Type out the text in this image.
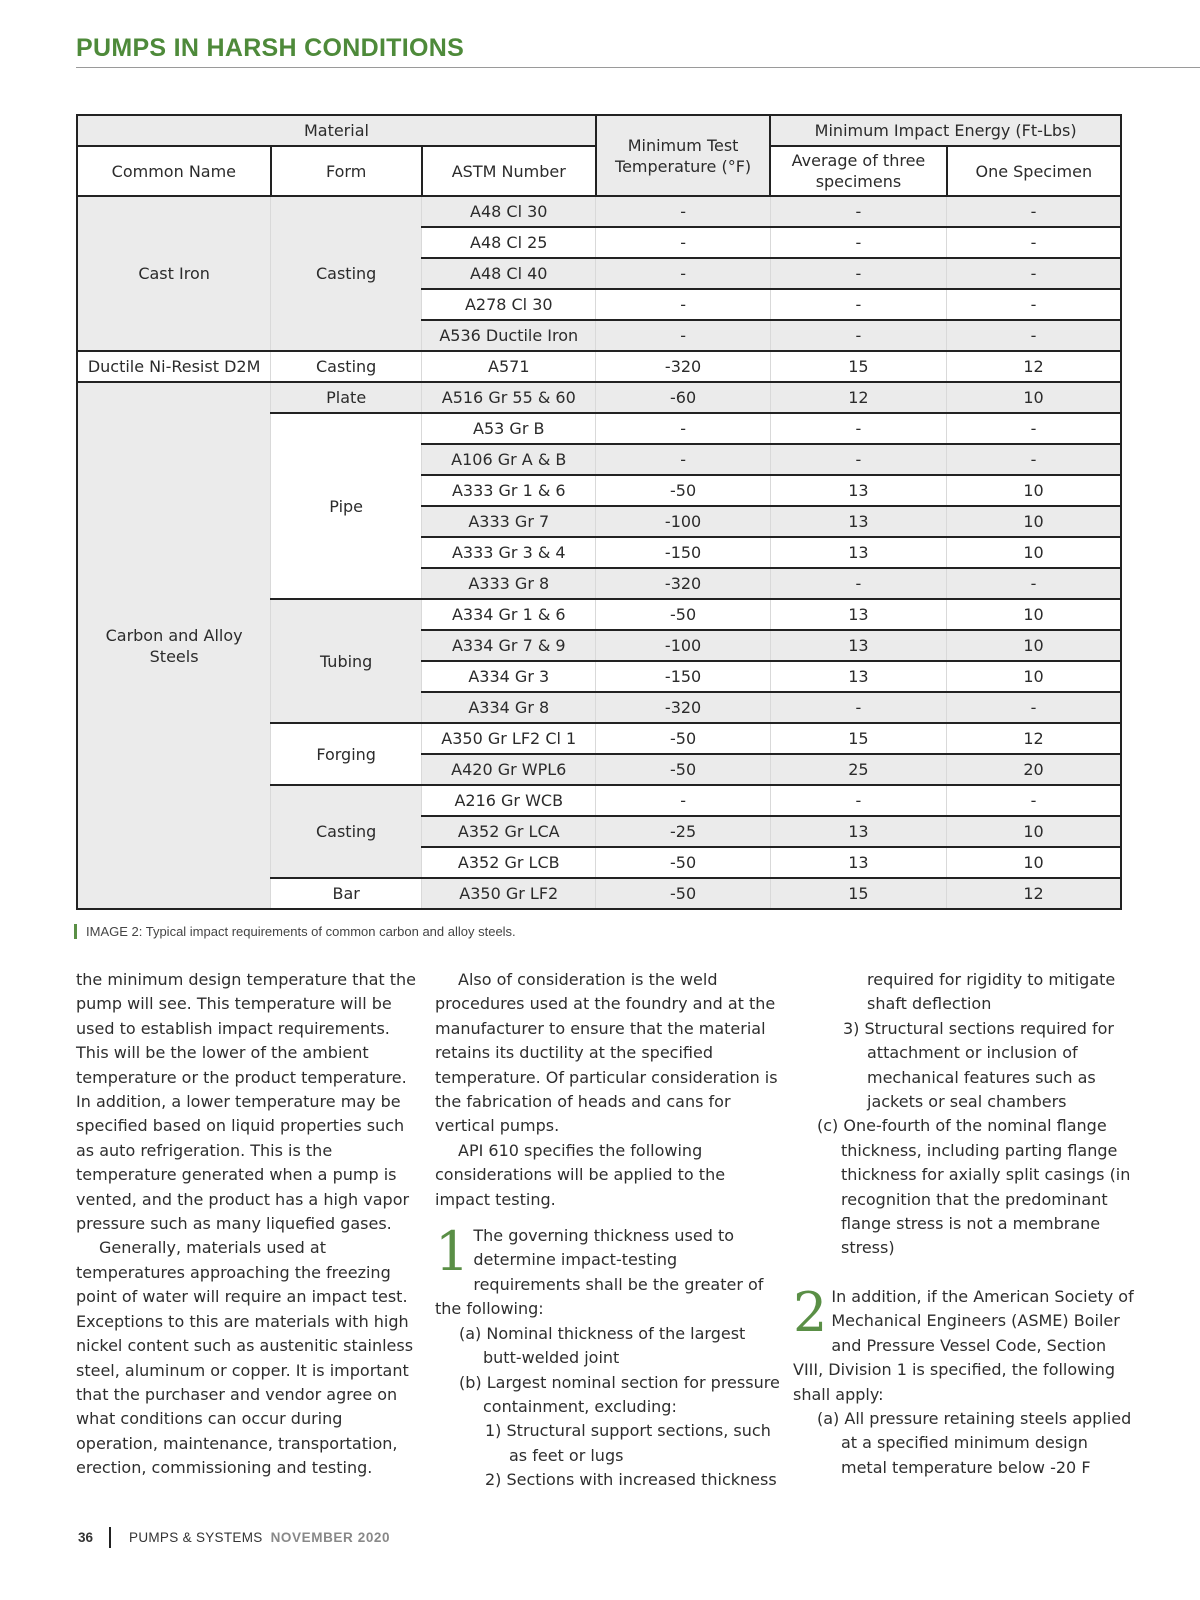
PUMPS IN HARSH CONDITIONS
Material			Minimum Test Temperature (°F)	Minimum Impact Energy (Ft-Lbs)	
Common Name	Form	ASTM Number		Average of three specimens	One Specimen
Cast Iron	Casting	A48 Cl 30	-	-	-
		A48 Cl 25	-	-	-
		A48 Cl 40	-	-	-
		A278 Cl 30	-	-	-
		A536 Ductile Iron	-	-	-
Ductile Ni-Resist D2M	Casting	A571	-320	15	12
Carbon and Alloy Steels	Plate	A516 Gr 55 & 60	-60	12	10
	Pipe	A53 Gr B	-	-	-
		A106 Gr A & B	-	-	-
		A333 Gr 1 & 6	-50	13	10
		A333 Gr 7	-100	13	10
		A333 Gr 3 & 4	-150	13	10
		A333 Gr 8	-320	-	-
	Tubing	A334 Gr 1 & 6	-50	13	10
		A334 Gr 7 & 9	-100	13	10
		A334 Gr 3	-150	13	10
		A334 Gr 8	-320	-	-
	Forging	A350 Gr LF2 Cl 1	-50	15	12
		A420 Gr WPL6	-50	25	20
	Casting	A216 Gr WCB	-	-	-
		A352 Gr LCA	-25	13	10
		A352 Gr LCB	-50	13	10
	Bar	A350 Gr LF2	-50	15	12
IMAGE 2: Typical impact requirements of common carbon and alloy steels.

the minimum design temperature that the pump will see. This temperature will be used to establish impact requirements. This will be the lower of the ambient temperature or the product temperature. In addition, a lower temperature may be specified based on liquid properties such as auto refrigeration. This is the temperature generated when a pump is vented, and the product has a high vapor pressure such as many liquefied gases.

Generally, materials used at temperatures approaching the freezing point of water will require an impact test. Exceptions to this are materials with high nickel content such as austenitic stainless steel, aluminum or copper. It is important that the purchaser and vendor agree on what conditions can occur during operation, maintenance, transportation, erection, commissioning and testing.

Also of consideration is the weld procedures used at the foundry and at the manufacturer to ensure that the material retains its ductility at the specified temperature. Of particular consideration is the fabrication of heads and cans for vertical pumps.

API 610 specifies the following considerations will be applied to the impact testing.

1 The governing thickness used to determine impact-testing requirements shall be the greater of the following:

(a) Nominal thickness of the largest butt-welded joint

(b) Largest nominal section for pressure containment, excluding:

1) Structural support sections, such as feet or lugs

2) Sections with increased thickness

required for rigidity to mitigate shaft deflection

3) Structural sections required for attachment or inclusion of mechanical features such as jackets or seal chambers

(c) One-fourth of the nominal flange thickness, including parting flange thickness for axially split casings (in recognition that the predominant flange stress is not a membrane stress)

2 In addition, if the American Society of Mechanical Engineers (ASME) Boiler and Pressure Vessel Code, Section VIII, Division 1 is specified, the following shall apply:

(a) All pressure retaining steels applied at a specified minimum design metal temperature below -20 F

36	PUMPS & SYSTEMS NOVEMBER 2020
